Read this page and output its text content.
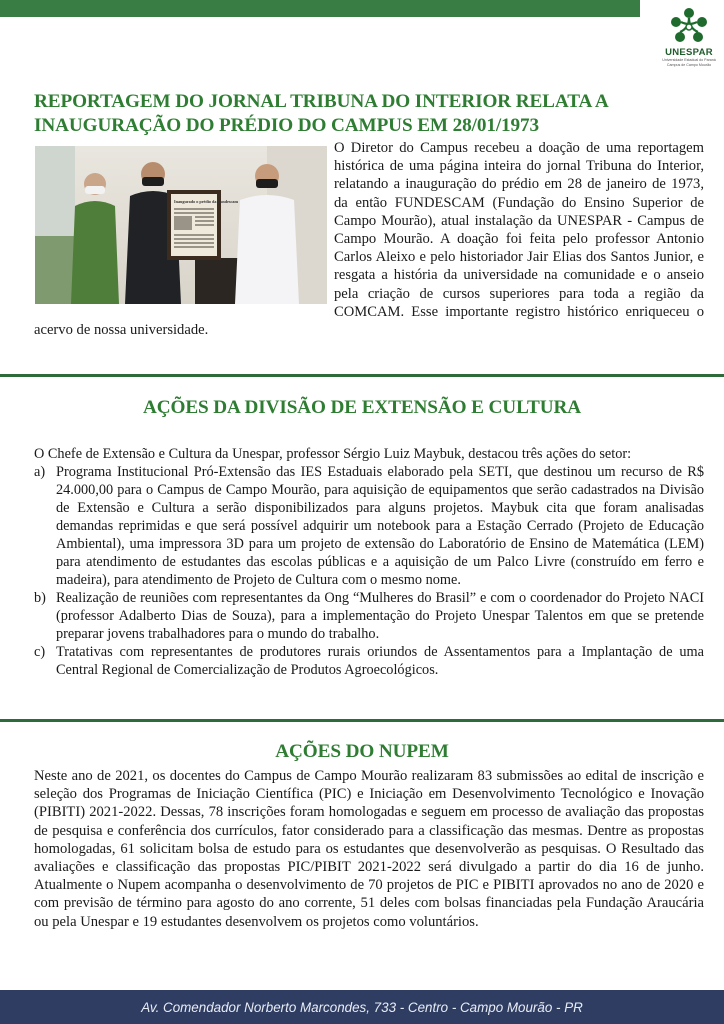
UNESPAR
Universidade Estadual do Paraná
Campus de Campo Mourão
REPORTAGEM DO JORNAL TRIBUNA DO INTERIOR RELATA A INAUGURAÇÃO DO PRÉDIO DO CAMPUS EM 28/01/1973
Inaugurado o prédio da Fundescam
O Diretor do Campus recebeu a doação de uma reportagem histórica de uma página inteira do jornal Tribuna do Interior, relatando a inauguração do prédio em 28 de janeiro de 1973, da então FUNDESCAM (Fundação do Ensino Superior de Campo Mourão), atual instalação da UNESPAR - Campus de Campo Mourão. A doação foi feita pelo professor Antonio Carlos Aleixo e pelo historiador Jair Elias dos Santos Junior, e resgata a história da universidade na comunidade e o anseio pela criação de cursos superiores para toda a região da COMCAM. Esse importante registro histórico enriqueceu o acervo de nossa universidade.
AÇÕES DA DIVISÃO DE EXTENSÃO E CULTURA
O Chefe de Extensão e Cultura da Unespar, professor Sérgio Luiz Maybuk, destacou três ações do setor:
a) Programa Institucional Pró-Extensão das IES Estaduais elaborado pela SETI, que destinou um recurso de R$ 24.000,00 para o Campus de Campo Mourão, para aquisição de equipamentos que serão cadastrados na Divisão de Extensão e Cultura a serão disponibilizados para alguns projetos. Maybuk cita que foram analisadas demandas reprimidas e que será possível adquirir um notebook para a Estação Cerrado (Projeto de Educação Ambiental), uma impressora 3D para um projeto de extensão do Laboratório de Ensino de Matemática (LEM) para atendimento de estudantes das escolas públicas e a aquisição de um Palco Livre (construído em ferro e madeira), para atendimento de Projeto de Cultura com o mesmo nome.
b) Realização de reuniões com representantes da Ong “Mulheres do Brasil” e com o coordenador do Projeto NACI (professor Adalberto Dias de Souza), para a implementação do Projeto Unespar Talentos em que se pretende preparar jovens trabalhadores para o mundo do trabalho.
c) Tratativas com representantes de produtores rurais oriundos de Assentamentos para a Implantação de uma Central Regional de Comercialização de Produtos Agroecológicos.
AÇÕES DO NUPEM
Neste ano de 2021, os docentes do Campus de Campo Mourão realizaram 83 submissões ao edital de inscrição e seleção dos Programas de Iniciação Científica (PIC) e Iniciação em Desenvolvimento Tecnológico e Inovação (PIBITI) 2021-2022. Dessas, 78 inscrições foram homologadas e seguem em processo de avaliação das propostas de pesquisa e conferência dos currículos, fator considerado para a classificação das mesmas. Dentre as propostas homologadas, 61 solicitam bolsa de estudo para os estudantes que desenvolverão as pesquisas. O Resultado das avaliações e classificação das propostas PIC/PIBIT 2021-2022 será divulgado a partir do dia 16 de junho. Atualmente o Nupem acompanha o desenvolvimento de 70 projetos de PIC e PIBITI aprovados no ano de 2020 e com previsão de término para agosto do ano corrente, 51 deles com bolsas financiadas pela Fundação Araucária ou pela Unespar e 19 estudantes desenvolvem os projetos como voluntários.
Av. Comendador Norberto Marcondes, 733 - Centro - Campo Mourão - PR
